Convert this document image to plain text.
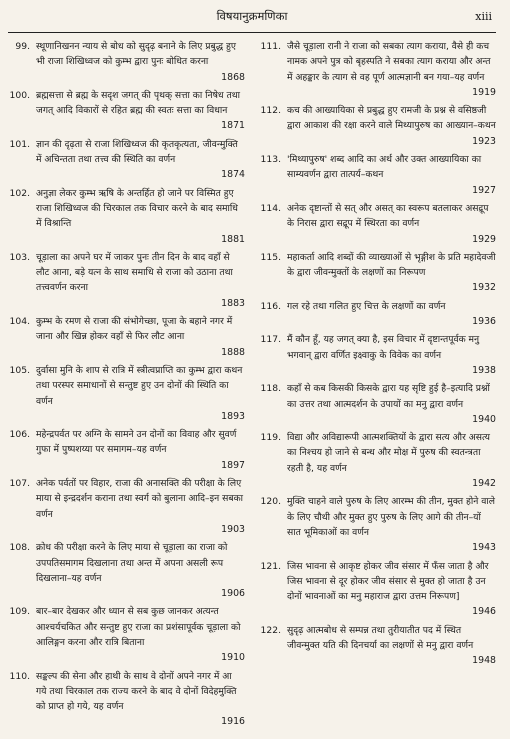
विषयानुक्रमणिका	xiii
99. स्थूणानिखनन न्याय से बोध को सुदृढ़ बनाने के लिए प्रबुद्ध हुए भी राजा शिखिध्वज को कुम्भ द्वारा पुनः बोधित करना
1868
100. ब्रह्मसत्ता से ब्रह्म के सदृश जगत् की पृथक् सत्ता का निषेध तथा जगत् आदि विकारों से रहित ब्रह्म की स्वतः सत्ता का विधान
1871
101. ज्ञान की दृढ़ता से राजा शिखिध्वज की कृतकृत्यता, जीवन्मुक्ति में अचिन्तता तथा तत्त्व की स्थिति का वर्णन
1874
102. अनुज्ञा लेकर कुम्भ ऋषि के अन्तर्हित हो जाने पर विस्मित हुए राजा शिखिध्वज की चिरकाल तक विचार करने के बाद समाधि में विश्रान्ति
1881
103. चूड़ाला का अपने घर में जाकर पुनः तीन दिन के बाद वहाँ से लौट आना, बड़े यत्न के साथ समाधि से राजा को उठाना तथा तत्त्ववर्णन करना
1883
104. कुम्भ के रमण से राजा की संभोगेच्छा, पूजा के बहाने नगर में जाना और खिन्न होकर वहाँ से फिर लौट आना
1888
105. दुर्वासा मुनि के शाप से रात्रि में स्त्रीत्वप्राप्ति का कुम्भ द्वारा कथन तथा परस्पर समाधानों से सन्तुष्ट हुए उन दोनों की स्थिति का वर्णन
1893
106. महेन्द्रपर्वत पर अग्नि के सामने उन दोनों का विवाह और सुवर्ण गुफा में पुष्पशय्या पर समागम–यह वर्णन
1897
107. अनेक पर्वतों पर विहार, राजा की अनासक्ति की परीक्षा के लिए माया से इन्द्रदर्शन कराना तथा स्वर्ग को बुलाना आदि–इन सबका वर्णन
1903
108. क्रोध की परीक्षा करने के लिए माया से चूड़ाला का राजा को उपपतिसमागम दिखलाना तथा अन्त में अपना असली रूप दिखलाना–यह वर्णन
1906
109. बार–बार देखकर और ध्यान से सब कुछ जानकर अत्यन्त आश्चर्यचकित और सन्तुष्ट हुए राजा का प्रशंसापूर्वक चूड़ाला को आलिङ्गन करना और रात्रि बिताना
1910
110. सङ्कल्प की सेना और हाथी के साथ वे दोनों अपने नगर में आ गये तथा चिरकाल तक राज्य करने के बाद वे दोनों विदेहमुक्ति को प्राप्त हो गये, यह वर्णन
1916
111. जैसे चूड़ाला रानी ने राजा को सबका त्याग कराया, वैसे ही कच नामक अपने पुत्र को बृहस्पति ने सबका त्याग कराया और अन्त में अहङ्कार के त्याग से वह पूर्ण आत्मज्ञानी बन गया–यह वर्णन
1919
112. कच की आख्यायिका से प्रबुद्ध हुए रामजी के प्रश्न से वसिष्ठजी द्वारा आकाश की रक्षा करने वाले मिथ्यापुरुष का आख्यान–कथन
1923
113. 'मिथ्यापुरुष' शब्द आदि का अर्थ और उक्त आख्यायिका का साम्यवर्णन द्वारा तात्पर्य–कथन
1927
114. अनेक दृष्टान्तों से सत् और असत् का स्वरूप बतलाकर असद्रूप के निरास द्वारा सद्रूप में स्थिरता का वर्णन
1929
115. महाकर्ता आदि शब्दों की व्याख्याओं से भृङ्गीश के प्रति महादेवजी के द्वारा जीवन्मुक्तों के लक्षणों का निरूपण
1932
116. गल रहे तथा गलित हुए चित्त के लक्षणों का वर्णन
1936
117. मैं कौन हूँ, यह जगत् क्या है, इस विचार में दृष्टान्तपूर्वक मनु भगवान् द्वारा वर्णित इक्ष्वाकु के विवेक का वर्णन
1938
118. कहाँ से कब किसकी किसके द्वारा यह सृष्टि हुई है–इत्यादि प्रश्नों का उत्तर तथा आत्मदर्शन के उपायों का मनु द्वारा वर्णन
1940
119. विद्या और अविद्यारूपी आत्मशक्तियों के द्वारा सत्य और असत्य का निश्चय हो जाने से बन्ध और मोक्ष में पुरुष की स्वतन्त्रता रहती है, यह वर्णन
1942
120. मुक्ति चाहने वाले पुरुष के लिए आरम्भ की तीन, मुक्त होने वाले के लिए चौथी और मुक्त हुए पुरुष के लिए आगे की तीन–यों सात भूमिकाओं का वर्णन
1943
121. जिस भावना से आकृष्ट होकर जीव संसार में फँस जाता है और जिस भावना से दूर होकर जीव संसार से मुक्त हो जाता है उन दोनों भावनाओं का मनु महाराज द्वारा उत्तम निरूपण]
1946
122. सुदृढ़ आत्मबोध से सम्पन्न तथा तुरीयातीत पद में स्थित जीवन्मुक्त यति की दिनचर्या का लक्षणों से मनु द्वारा वर्णन
1948
